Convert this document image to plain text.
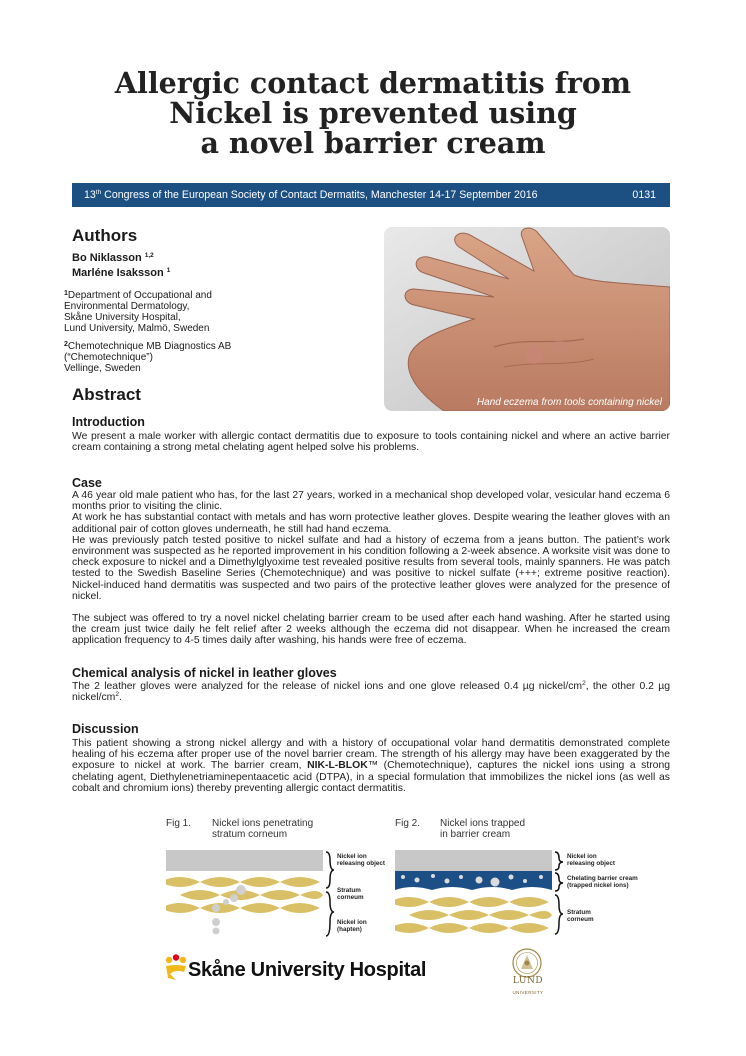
Allergic contact dermatitis from
Nickel is prevented using
a novel barrier cream
13th Congress of the European Society of Contact Dermatits, Manchester 14-17 September 2016	0131
Authors
Bo Niklasson $^{1,2}$
Marléne Isaksson $^1$
$^1$Department of Occupational and
Environmental Dermatology,
Skåne University Hospital,
Lund University, Malmö, Sweden
$^2$Chemotechnique MB Diagnostics AB
(“Chemotechnique”)
Vellinge, Sweden
Hand eczema from tools containing nickel
Abstract
Introduction

We present a male worker with allergic contact dermatitis due to exposure to tools containing nickel and where an active barrier cream containing a strong metal chelating agent helped solve his problems.

Case

A 46 year old male patient who has, for the last 27 years, worked in a mechanical shop developed volar, vesicular hand eczema 6 months prior to visiting the clinic.

At work he has substantial contact with metals and has worn protective leather gloves. Despite wearing the leather gloves with an additional pair of cotton gloves underneath, he still had hand eczema.

He was previously patch tested positive to nickel sulfate and had a history of eczema from a jeans button. The patient’s work environment was suspected as he reported improvement in his condition following a 2-week absence. A worksite visit was done to check exposure to nickel and a Dimethylglyoxime test revealed positive results from several tools, mainly spanners. He was patch tested to the Swedish Baseline Series (Chemotechnique) and was positive to nickel sulfate (+++; extreme positive reaction). Nickel-induced hand dermatitis was suspected and two pairs of the protective leather gloves were analyzed for the presence of nickel.

The subject was offered to try a novel nickel chelating barrier cream to be used after each hand washing. After he started using the cream just twice daily he felt relief after 2 weeks although the eczema did not disappear. When he increased the cream application frequency to 4-5 times daily after washing, his hands were free of eczema.

Chemical analysis of nickel in leather gloves

The 2 leather gloves were analyzed for the release of nickel ions and one glove released 0.4 µg nickel/$cm^2$, the other 0.2 µg nickel/$cm^2$.

Discussion

This patient showing a strong nickel allergy and with a history of occupational volar hand dermatitis demonstrated complete healing of his eczema after proper use of the novel barrier cream. The strength of his allergy may have been exaggerated by the exposure to nickel at work. The barrier cream, NIK-L-BLOK™ (Chemotechnique), captures the nickel ions using a strong chelating agent, Diethylenetriaminepentaacetic acid (DTPA), in a special formulation that immobilizes the nickel ions (as well as cobalt and chromium ions) thereby preventing allergic contact dermatitis.

Fig 1. Nickel ions penetrating
stratum corneum
Nickel ion
releasing object
Stratum
corneum
Nickel ion
(hapten)
Fig 2. Nickel ions trapped
in barrier cream
Nickel ion
releasing object
Chelating barrier cream
(trapped nickel ions)
Stratum
corneum
Skåne University Hospital	LUND
UNIVERSITY
